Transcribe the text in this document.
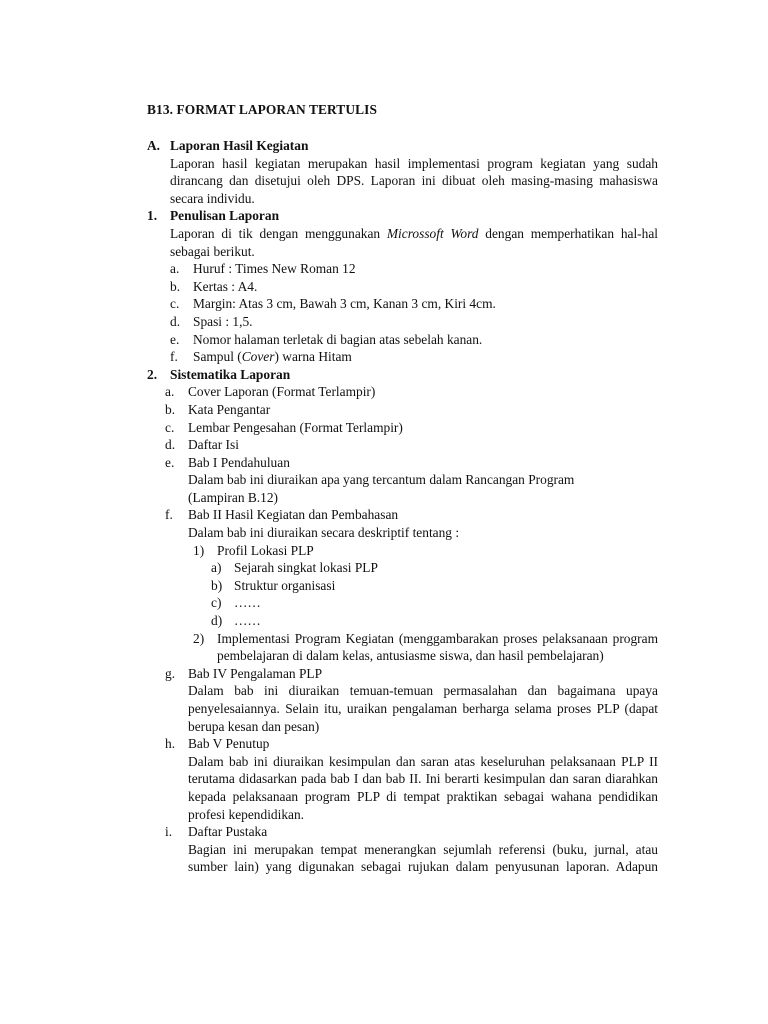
B13. FORMAT LAPORAN TERTULIS
A. Laporan Hasil Kegiatan
Laporan hasil kegiatan merupakan hasil implementasi program kegiatan yang sudah dirancang dan disetujui oleh DPS. Laporan ini dibuat oleh masing-masing mahasiswa secara individu.
1. Penulisan Laporan
Laporan di tik dengan menggunakan Microssoft Word dengan memperhatikan hal-hal sebagai berikut.
a. Huruf : Times New Roman 12
b. Kertas : A4.
c. Margin: Atas 3 cm, Bawah 3 cm, Kanan 3 cm, Kiri 4cm.
d. Spasi : 1,5.
e. Nomor halaman terletak di bagian atas sebelah kanan.
f. Sampul (Cover) warna Hitam
2. Sistematika Laporan
a. Cover Laporan (Format Terlampir)
b. Kata Pengantar
c. Lembar Pengesahan (Format Terlampir)
d. Daftar Isi
e. Bab I Pendahuluan
Dalam bab ini diuraikan apa yang tercantum dalam Rancangan Program (Lampiran B.12)
f. Bab II Hasil Kegiatan dan Pembahasan
Dalam bab ini diuraikan secara deskriptif tentang :
1) Profil Lokasi PLP
a) Sejarah singkat lokasi PLP
b) Struktur organisasi
c) ……
d) ……
2) Implementasi Program Kegiatan (menggambarakan proses pelaksanaan program pembelajaran di dalam kelas, antusiasme siswa, dan hasil pembelajaran)
g. Bab IV Pengalaman PLP
Dalam bab ini diuraikan temuan-temuan permasalahan dan bagaimana upaya penyelesaiannya. Selain itu, uraikan pengalaman berharga selama proses PLP (dapat berupa kesan dan pesan)
h. Bab V Penutup
Dalam bab ini diuraikan kesimpulan dan saran atas keseluruhan pelaksanaan PLP II terutama didasarkan pada bab I dan bab II. Ini berarti kesimpulan dan saran diarahkan kepada pelaksanaan program PLP di tempat praktikan sebagai wahana pendidikan profesi kependidikan.
i. Daftar Pustaka
Bagian ini merupakan tempat menerangkan sejumlah referensi (buku, jurnal, atau sumber lain) yang digunakan sebagai rujukan dalam penyusunan laporan. Adapun
